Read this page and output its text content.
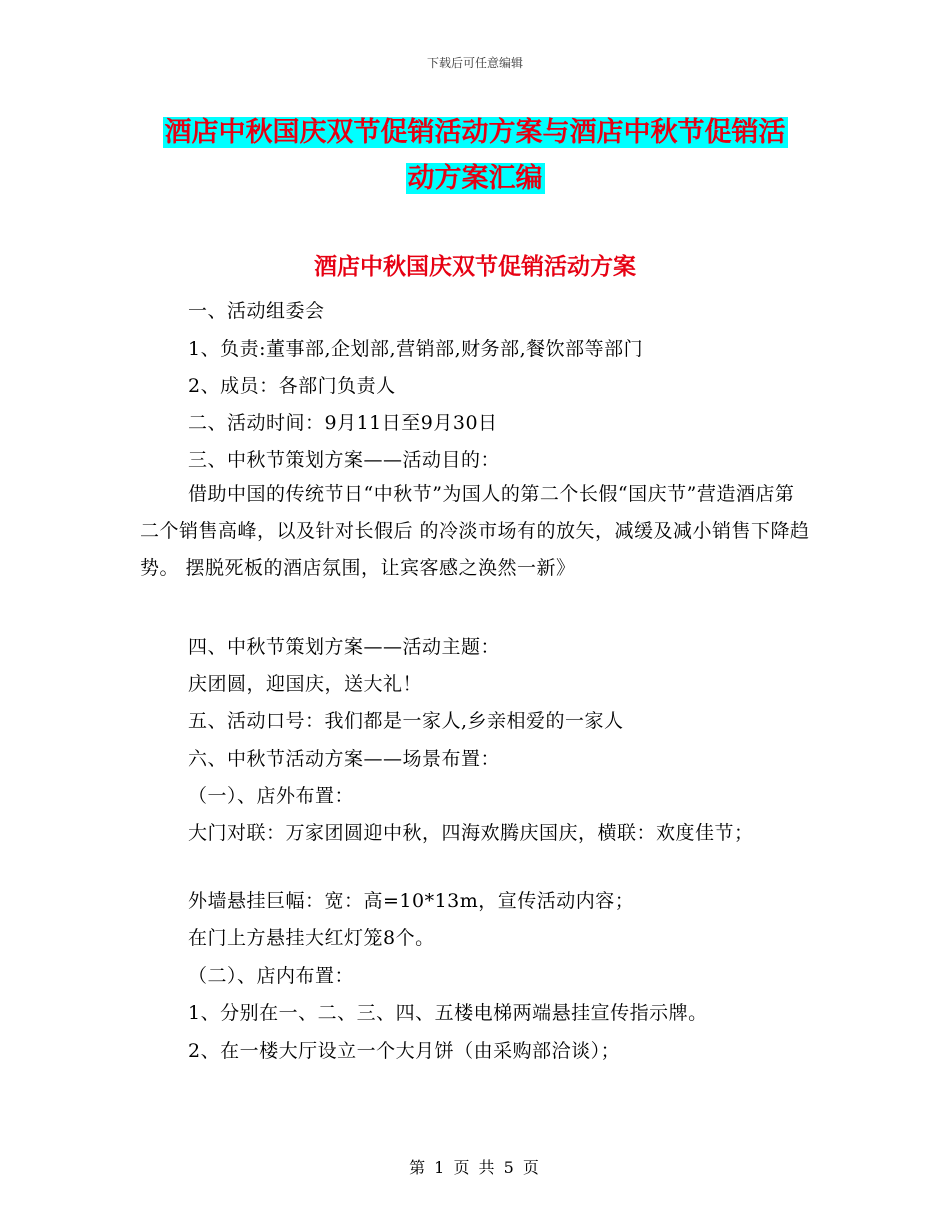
下载后可任意编辑
酒店中秋国庆双节促销活动方案与酒店中秋节促销活
动方案汇编
酒店中秋国庆双节促销活动方案
一、活动组委会
1、负责:董事部,企划部,营销部,财务部,餐饮部等部门
2、成员：各部门负责人
二、活动时间：9月11日至9月30日
三、中秋节策划方案——活动目的：
借助中国的传统节日“中秋节”为国人的第二个长假“国庆节”营造酒店第二个销售高峰，以及针对长假后 的冷淡市场有的放矢，减缓及减小销售下降趋势。 摆脱死板的酒店氛围，让宾客感之涣然一新》
四、中秋节策划方案——活动主题：
庆团圆，迎国庆，送大礼！
五、活动口号：我们都是一家人,乡亲相爱的一家人
六、中秋节活动方案——场景布置：
（一）、店外布置：
大门对联：万家团圆迎中秋，四海欢腾庆国庆，横联：欢度佳节；
外墙悬挂巨幅：宽：高=10*13m，宣传活动内容；
在门上方悬挂大红灯笼8个。
（二）、店内布置：
1、分别在一、二、三、四、五楼电梯两端悬挂宣传指示牌。
2、在一楼大厅设立一个大月饼（由采购部洽谈）；
第 1 页 共 5 页
